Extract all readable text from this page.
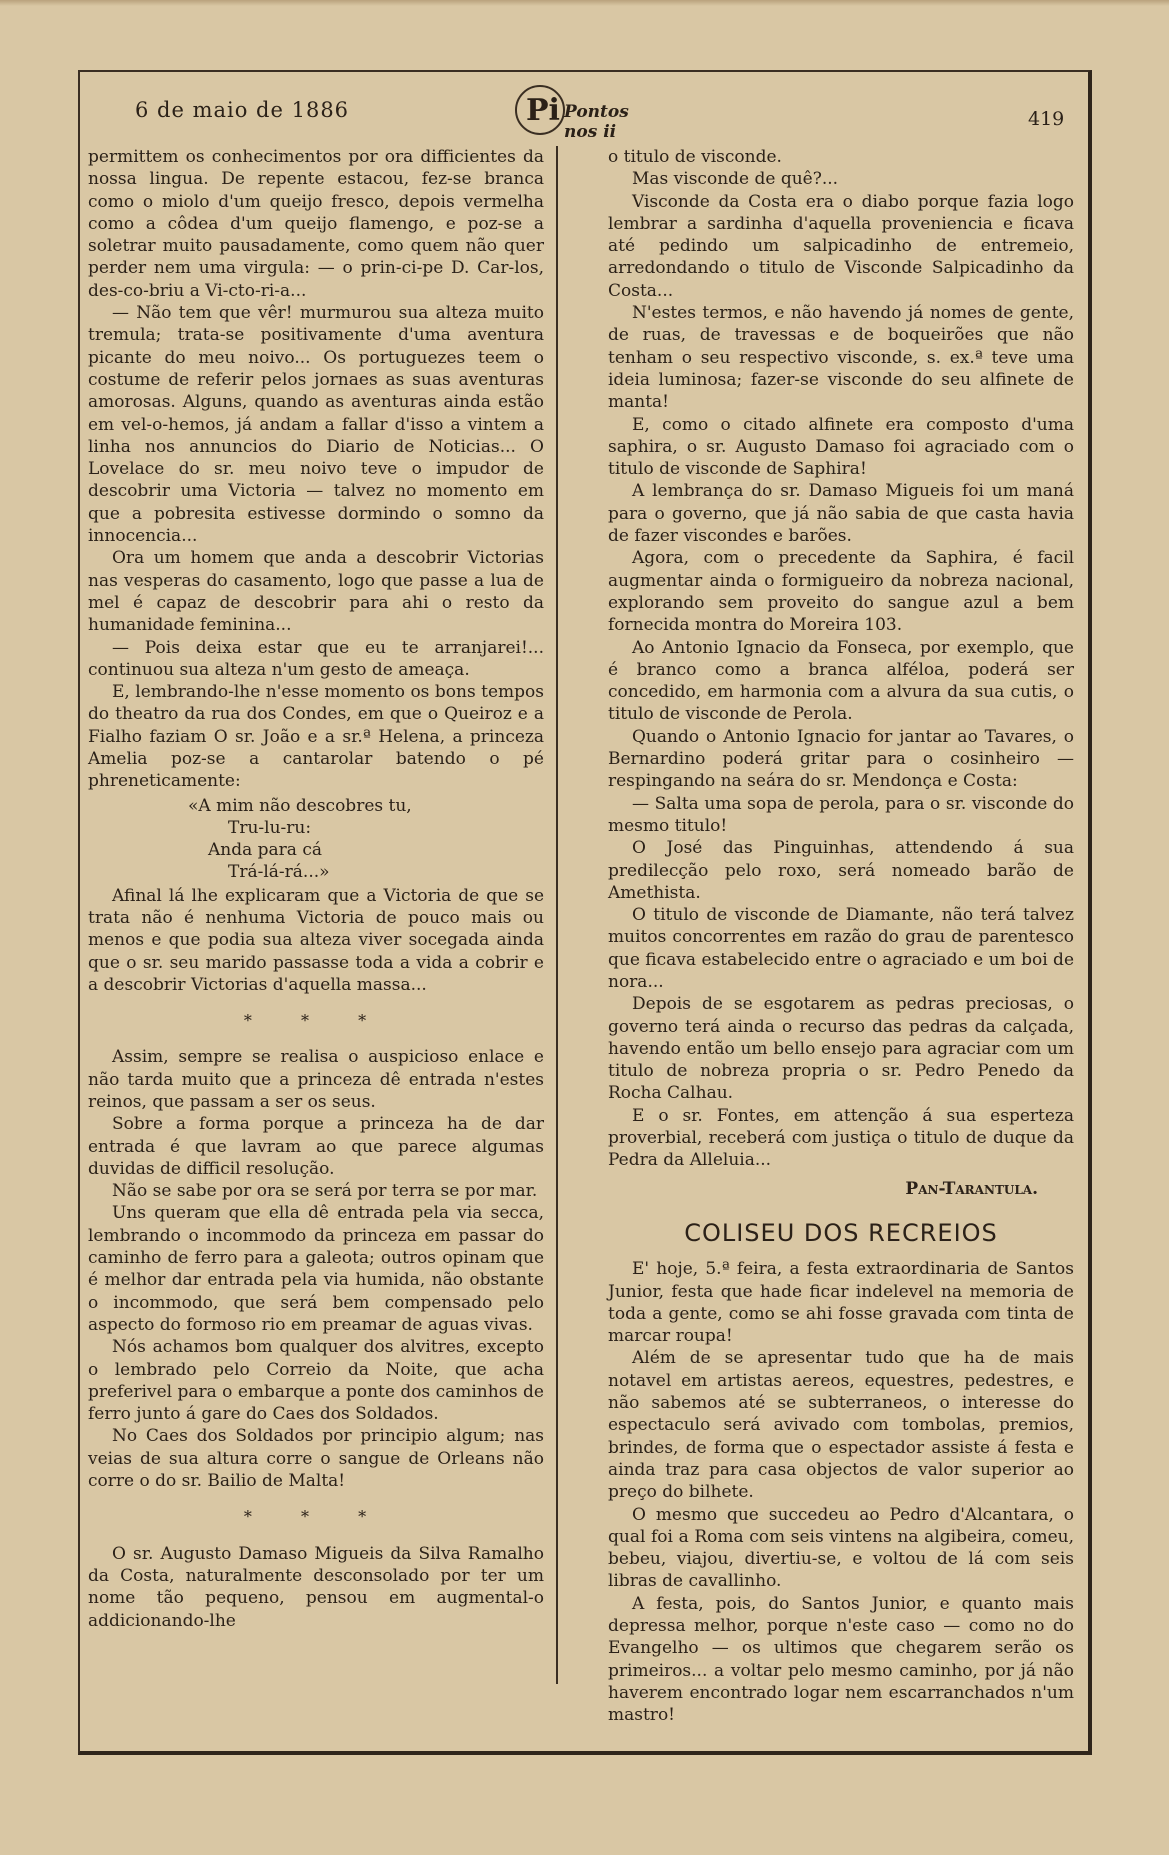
6 de maio de 1886	Pi Pontos nos ii
419

permittem os conhecimentos por ora difficientes da nossa lingua. De repente estacou, fez-se branca como o miolo d'um queijo fresco, depois vermelha como a côdea d'um queijo flamengo, e poz-se a soletrar muito pausadamente, como quem não quer perder nem uma virgula: — o prin-ci-pe D. Car-los, des-co-briu a Vi-cto-ri-a...

— Não tem que vêr! murmurou sua alteza muito tremula; trata-se positivamente d'uma aventura picante do meu noivo... Os portuguezes teem o costume de referir pelos jornaes as suas aventuras amorosas. Alguns, quando as aventuras ainda estão em vel-o-hemos, já andam a fallar d'isso a vintem a linha nos annuncios do Diario de Noticias... O Lovelace do sr. meu noivo teve o impudor de descobrir uma Victoria — talvez no momento em que a pobresita estivesse dormindo o somno da innocencia...

Ora um homem que anda a descobrir Victorias nas vesperas do casamento, logo que passe a lua de mel é capaz de descobrir para ahi o resto da humanidade feminina...

— Pois deixa estar que eu te arranjarei!... continuou sua alteza n'um gesto de ameaça.

E, lembrando-lhe n'esse momento os bons tempos do theatro da rua dos Condes, em que o Queiroz e a Fialho faziam O sr. João e a sr.ª Helena, a princeza Amelia poz-se a cantarolar batendo o pé phreneticamente:

«A mim não descobres tu,
Tru-lu-ru:
Anda para cá
Trá-lá-rá...»

Afinal lá lhe explicaram que a Victoria de que se trata não é nenhuma Victoria de pouco mais ou menos e que podia sua alteza viver socegada ainda que o sr. seu marido passasse toda a vida a cobrir e a descobrir Victorias d'aquella massa...

* * *

Assim, sempre se realisa o auspicioso enlace e não tarda muito que a princeza dê entrada n'estes reinos, que passam a ser os seus.

Sobre a forma porque a princeza ha de dar entrada é que lavram ao que parece algumas duvidas de difficil resolução.

Não se sabe por ora se será por terra se por mar.

Uns queram que ella dê entrada pela via secca, lembrando o incommodo da princeza em passar do caminho de ferro para a galeota; outros opinam que é melhor dar entrada pela via humida, não obstante o incommodo, que será bem compensado pelo aspecto do formoso rio em preamar de aguas vivas.

Nós achamos bom qualquer dos alvitres, excepto o lembrado pelo Correio da Noite, que acha preferivel para o embarque a ponte dos caminhos de ferro junto á gare do Caes dos Soldados.

No Caes dos Soldados por principio algum; nas veias de sua altura corre o sangue de Orleans não corre o do sr. Bailio de Malta!

* * *

O sr. Augusto Damaso Migueis da Silva Ramalho da Costa, naturalmente desconsolado por ter um nome tão pequeno, pensou em augmental-o addicionando-lhe

o titulo de visconde.

Mas visconde de quê?...

Visconde da Costa era o diabo porque fazia logo lembrar a sardinha d'aquella proveniencia e ficava até pedindo um salpicadinho de entremeio, arredondando o titulo de Visconde Salpicadinho da Costa...

N'estes termos, e não havendo já nomes de gente, de ruas, de travessas e de boqueirões que não tenham o seu respectivo visconde, s. ex.ª teve uma ideia luminosa; fazer-se visconde do seu alfinete de manta!

E, como o citado alfinete era composto d'uma saphira, o sr. Augusto Damaso foi agraciado com o titulo de visconde de Saphira!

A lembrança do sr. Damaso Migueis foi um maná para o governo, que já não sabia de que casta havia de fazer viscondes e barões.

Agora, com o precedente da Saphira, é facil augmentar ainda o formigueiro da nobreza nacional, explorando sem proveito do sangue azul a bem fornecida montra do Moreira 103.

Ao Antonio Ignacio da Fonseca, por exemplo, que é branco como a branca alféloa, poderá ser concedido, em harmonia com a alvura da sua cutis, o titulo de visconde de Perola.

Quando o Antonio Ignacio for jantar ao Tavares, o Bernardino poderá gritar para o cosinheiro — respingando na seára do sr. Mendonça e Costa:

— Salta uma sopa de perola, para o sr. visconde do mesmo titulo!

O José das Pinguinhas, attendendo á sua predilecção pelo roxo, será nomeado barão de Amethista.

O titulo de visconde de Diamante, não terá talvez muitos concorrentes em razão do grau de parentesco que ficava estabelecido entre o agraciado e um boi de nora...

Depois de se esgotarem as pedras preciosas, o governo terá ainda o recurso das pedras da calçada, havendo então um bello ensejo para agraciar com um titulo de nobreza propria o sr. Pedro Penedo da Rocha Calhau.

E o sr. Fontes, em attenção á sua esperteza proverbial, receberá com justiça o titulo de duque da Pedra da Alleluia...

Pan-Tarantula.
COLISEU DOS RECREIOS

E' hoje, 5.ª feira, a festa extraordinaria de Santos Junior, festa que hade ficar indelevel na memoria de toda a gente, como se ahi fosse gravada com tinta de marcar roupa!

Além de se apresentar tudo que ha de mais notavel em artistas aereos, equestres, pedestres, e não sabemos até se subterraneos, o interesse do espectaculo será avivado com tombolas, premios, brindes, de forma que o espectador assiste á festa e ainda traz para casa objectos de valor superior ao preço do bilhete.

O mesmo que succedeu ao Pedro d'Alcantara, o qual foi a Roma com seis vintens na algibeira, comeu, bebeu, viajou, divertiu-se, e voltou de lá com seis libras de cavallinho.

A festa, pois, do Santos Junior, e quanto mais depressa melhor, porque n'este caso — como no do Evangelho — os ultimos que chegarem serão os primeiros... a voltar pelo mesmo caminho, por já não haverem encontrado logar nem escarranchados n'um mastro!
